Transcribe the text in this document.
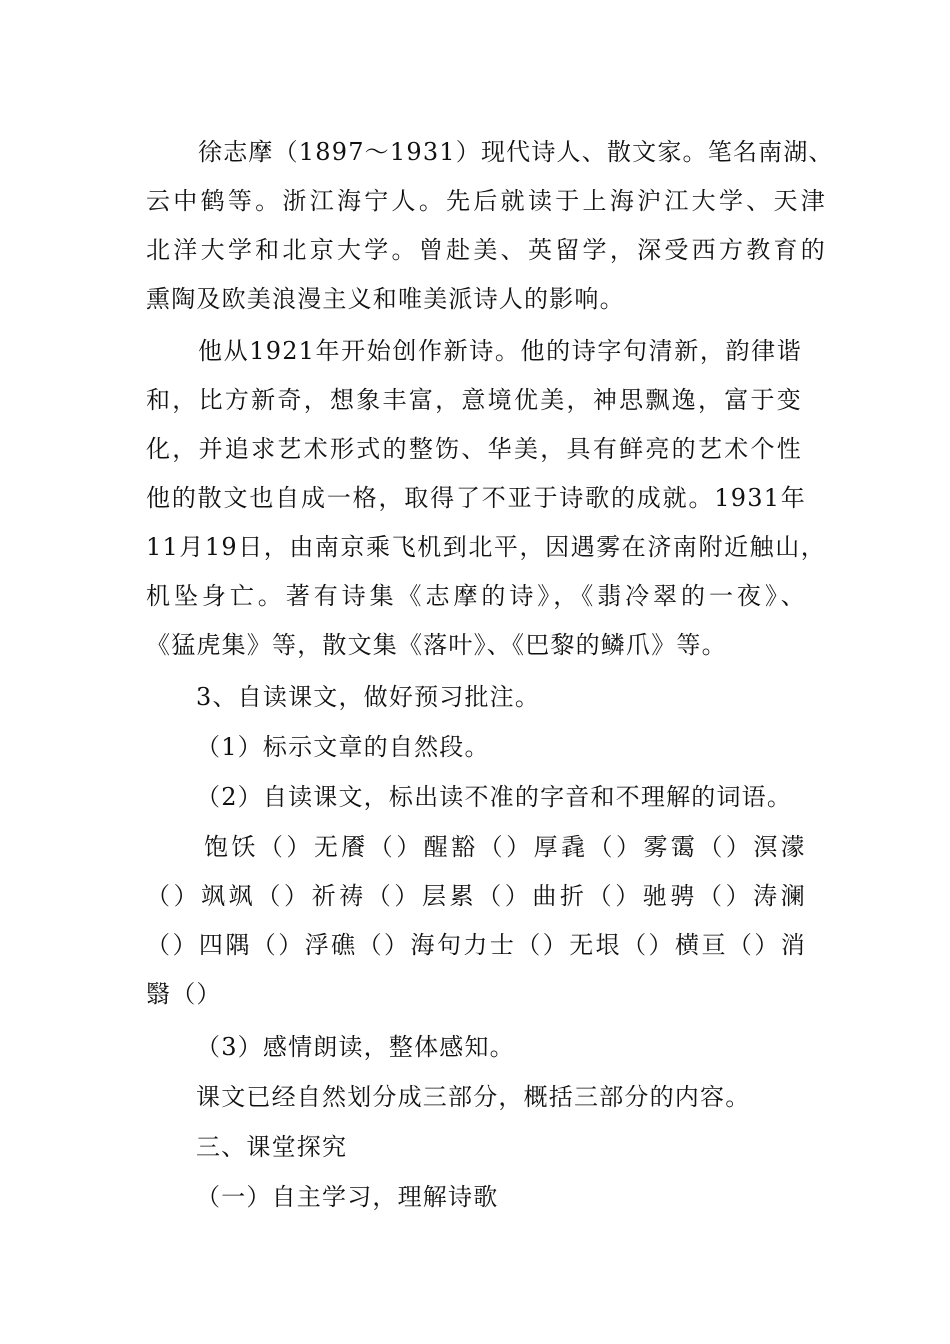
徐志摩（1897～1931）现代诗人、散文家。笔名南湖、
云中鹤等。浙江海宁人。先后就读于上海沪江大学、天津
北洋大学和北京大学。曾赴美、英留学，深受西方教育的
熏陶及欧美浪漫主义和唯美派诗人的影响。
他从1921年开始创作新诗。他的诗字句清新，韵律谐
和，比方新奇，想象丰富，意境优美，神思飘逸，富于变
化，并追求艺术形式的整饬、华美，具有鲜亮的艺术个性
他的散文也自成一格，取得了不亚于诗歌的成就。1931年
11月19日，由南京乘飞机到北平，因遇雾在济南附近触山，
机坠身亡。著有诗集《志摩的诗》，《翡冷翠的一夜》、
《猛虎集》等，散文集《落叶》、《巴黎的鳞爪》等。
3、自读课文，做好预习批注。
（1）标示文章的自然段。
（2）自读课文，标出读不准的字音和不理解的词语。
饱饫（）无餍（）醒豁（）厚毳（）雾霭（）溟濛
（）飒飒（）祈祷（）层累（）曲折（）驰骋（）涛澜
（）四隅（）浮礁（）海句力士（）无垠（）横亘（）消
翳（）
（3）感情朗读，整体感知。
课文已经自然划分成三部分，概括三部分的内容。
三、课堂探究
（一）自主学习，理解诗歌
